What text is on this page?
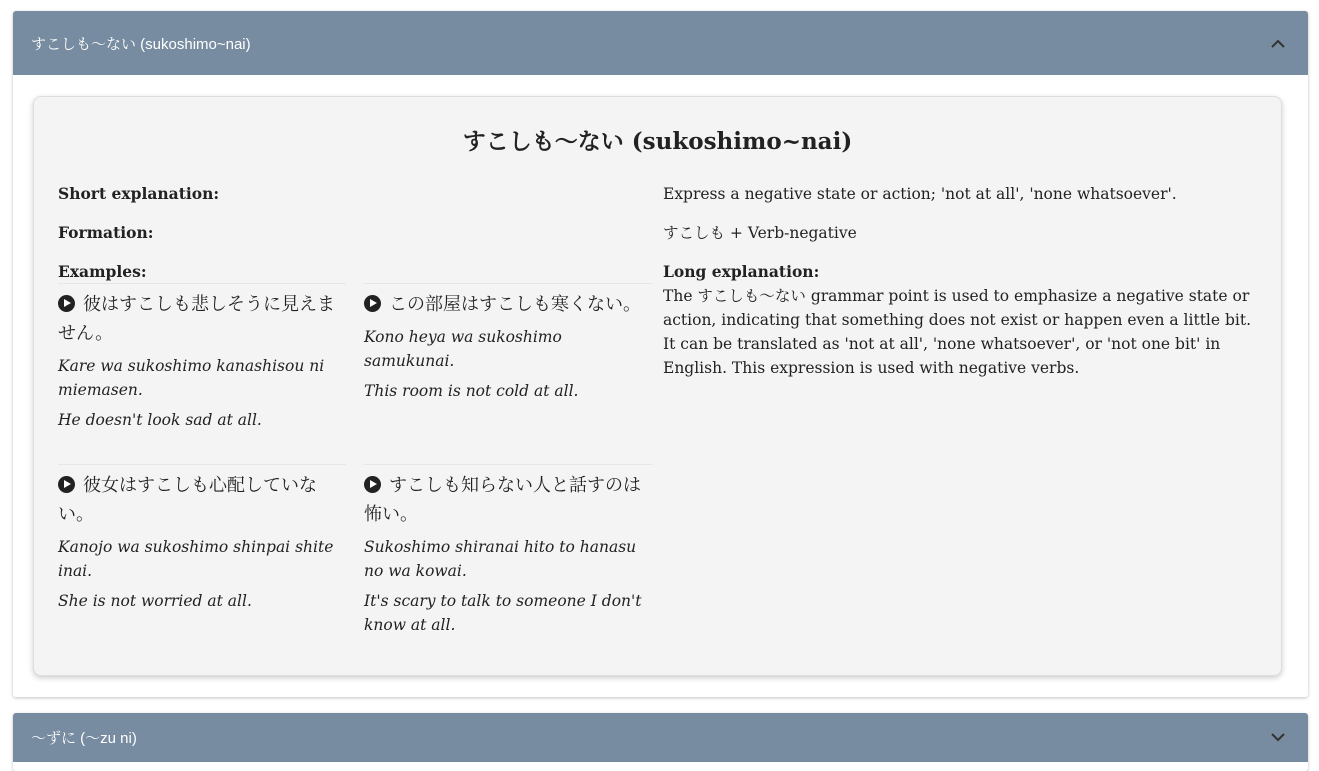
すこしも〜ない (sukoshimo~nai)
すこしも〜ない (sukoshimo~nai)
Short explanation:	Express a negative state or action; 'not at all', 'none whatsoever'.
Formation:	すこしも + Verb-negative
Examples:	Long explanation:
The すこしも〜ない grammar point is used to emphasize a negative state or action, indicating that something does not exist or happen even a little bit. It can be translated as 'not at all', 'none whatsoever', or 'not one bit' in English. This expression is used with negative verbs.
彼はすこしも悲しそうに見えません。
Kare wa sukoshimo kanashisou ni miemasen.
He doesn't look sad at all.
この部屋はすこしも寒くない。
Kono heya wa sukoshimo samukunai.
This room is not cold at all.
彼女はすこしも心配していない。
Kanojo wa sukoshimo shinpai shite inai.
She is not worried at all.
すこしも知らない人と話すのは怖い。
Sukoshimo shiranai hito to hanasu no wa kowai.
It's scary to talk to someone I don't know at all.
〜ずに (〜zu ni)
